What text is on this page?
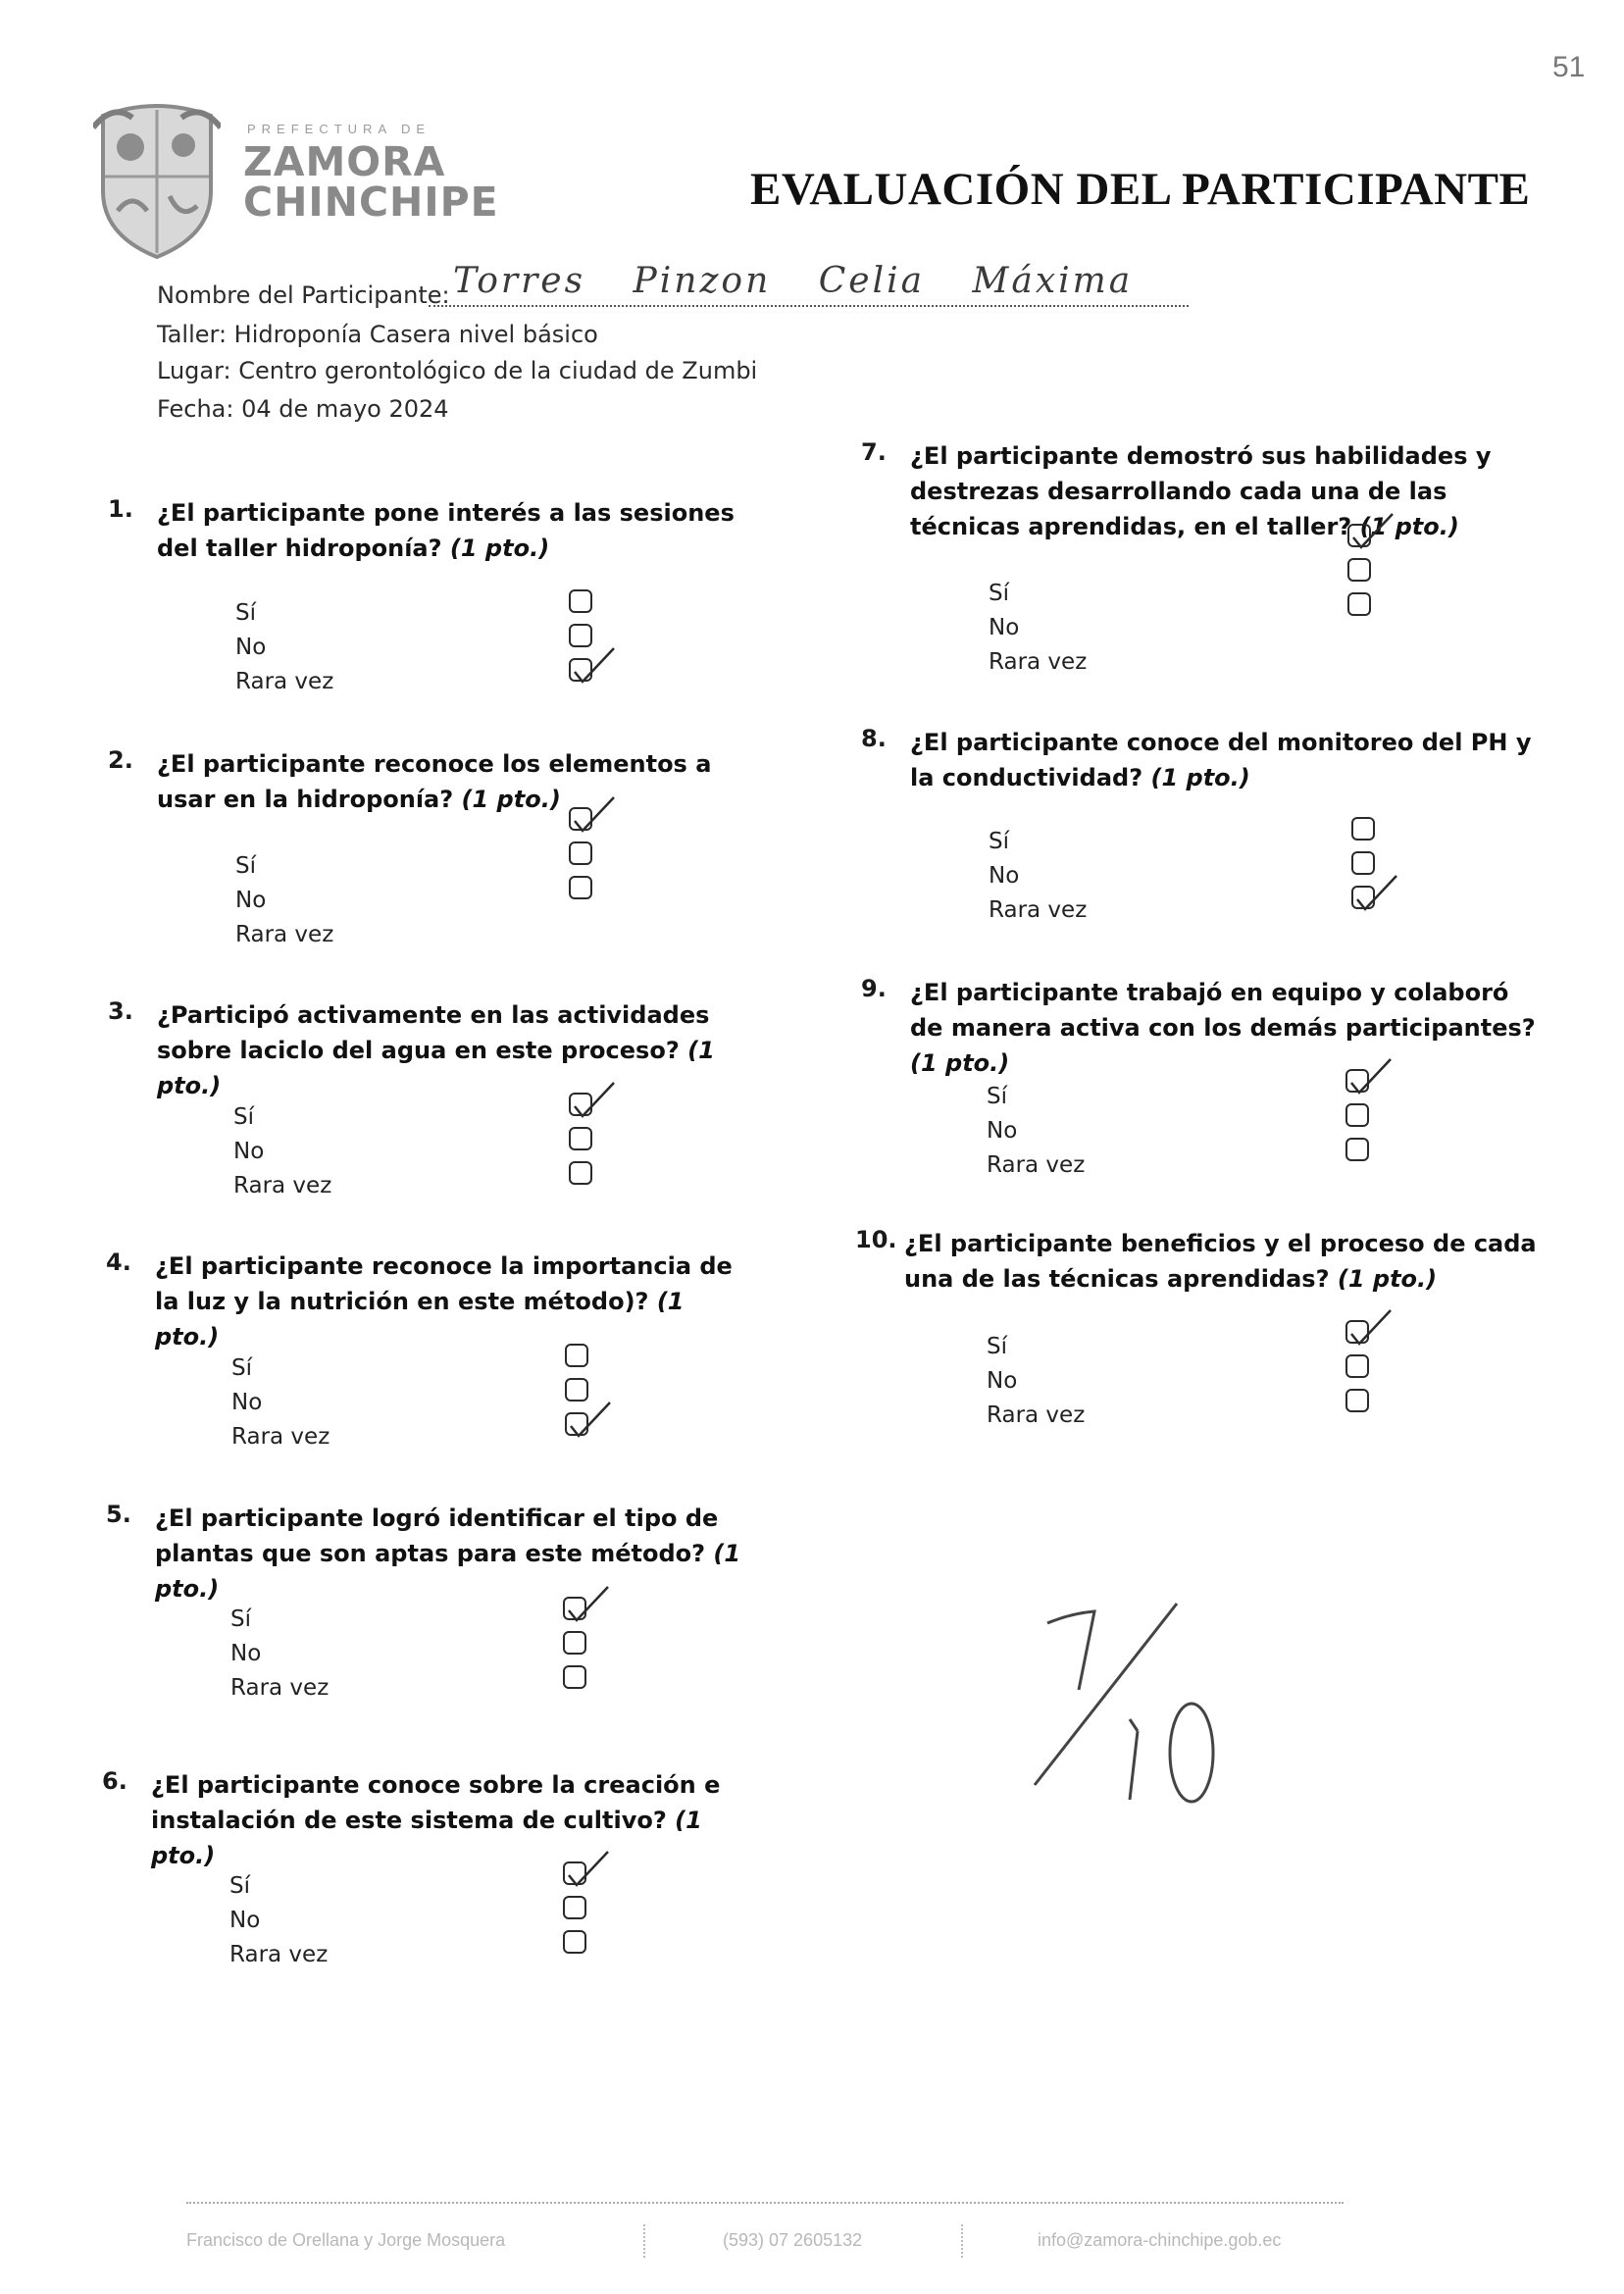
51
PREFECTURA DE
ZAMORA
CHINCHIPE	EVALUACIÓN DEL PARTICIPANTE
Nombre del Participante: Torres Pinzon Celia Máxima
Taller: Hidroponía Casera nivel básico
Lugar: Centro gerontológico de la ciudad de Zumbi
Fecha: 04 de mayo 2024
1. ¿El participante pone interés a las sesiones del taller hidroponía? (1 pto.)
Sí
No
Rara vez
2. ¿El participante reconoce los elementos a usar en la hidroponía? (1 pto.)
Sí
No
Rara vez
3. ¿Participó activamente en las actividades sobre laciclo del agua en este proceso? (1 pto.)
Sí
No
Rara vez
4. ¿El participante reconoce la importancia de la luz y la nutrición en este método)? (1 pto.)
Sí
No
Rara vez
5. ¿El participante logró identificar el tipo de plantas que son aptas para este método? (1 pto.)
Sí
No
Rara vez
6. ¿El participante conoce sobre la creación e instalación de este sistema de cultivo? (1 pto.)
Sí
No
Rara vez
7. ¿El participante demostró sus habilidades y destrezas desarrollando cada una de las técnicas aprendidas, en el taller? (1 pto.)
Sí
No
Rara vez
8. ¿El participante conoce del monitoreo del PH y la conductividad? (1 pto.)
Sí
No
Rara vez
9. ¿El participante trabajó en equipo y colaboró de manera activa con los demás participantes? (1 pto.)
Sí
No
Rara vez
10. ¿El participante beneficios y el proceso de cada una de las técnicas aprendidas? (1 pto.)
Sí
No
Rara vez
7/10
Francisco de Orellana y Jorge Mosquera	(593) 07 2605132	info@zamora-chinchipe.gob.ec
